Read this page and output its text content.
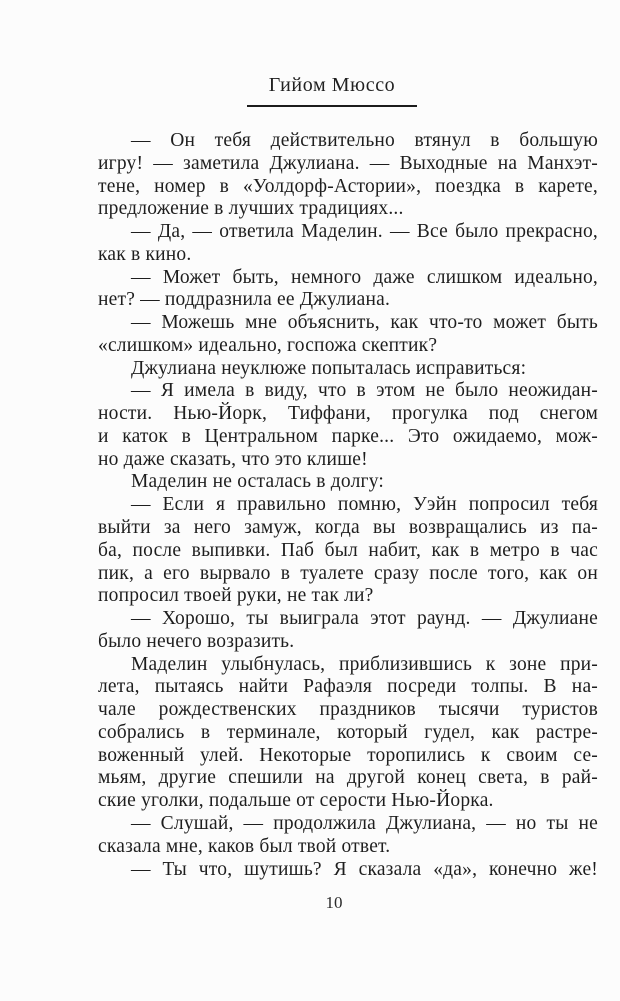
Гийом Мюссо
— Он тебя действительно втянул в большую
игру! — заметила Джулиана. — Выходные на Манхэт-
тене, номер в «Уолдорф-Астории», поездка в карете,
предложение в лучших традициях...
— Да, — ответила Маделин. — Все было прекрасно,
как в кино.
— Может быть, немного даже слишком идеально,
нет? — поддразнила ее Джулиана.
— Можешь мне объяснить, как что-то может быть
«слишком» идеально, госпожа скептик?
Джулиана неуклюже попыталась исправиться:
— Я имела в виду, что в этом не было неожидан-
ности. Нью-Йорк, Тиффани, прогулка под снегом
и каток в Центральном парке... Это ожидаемо, мож-
но даже сказать, что это клише!
Маделин не осталась в долгу:
— Если я правильно помню, Уэйн попросил тебя
выйти за него замуж, когда вы возвращались из па-
ба, после выпивки. Паб был набит, как в метро в час
пик, а его вырвало в туалете сразу после того, как он
попросил твоей руки, не так ли?
— Хорошо, ты выиграла этот раунд. — Джулиане
было нечего возразить.
Маделин улыбнулась, приблизившись к зоне при-
лета, пытаясь найти Рафаэля посреди толпы. В на-
чале рождественских праздников тысячи туристов
собрались в терминале, который гудел, как растре-
воженный улей. Некоторые торопились к своим се-
мьям, другие спешили на другой конец света, в рай-
ские уголки, подальше от серости Нью-Йорка.
— Слушай, — продолжила Джулиана, — но ты не
сказала мне, каков был твой ответ.
— Ты что, шутишь? Я сказала «да», конечно же!
10
